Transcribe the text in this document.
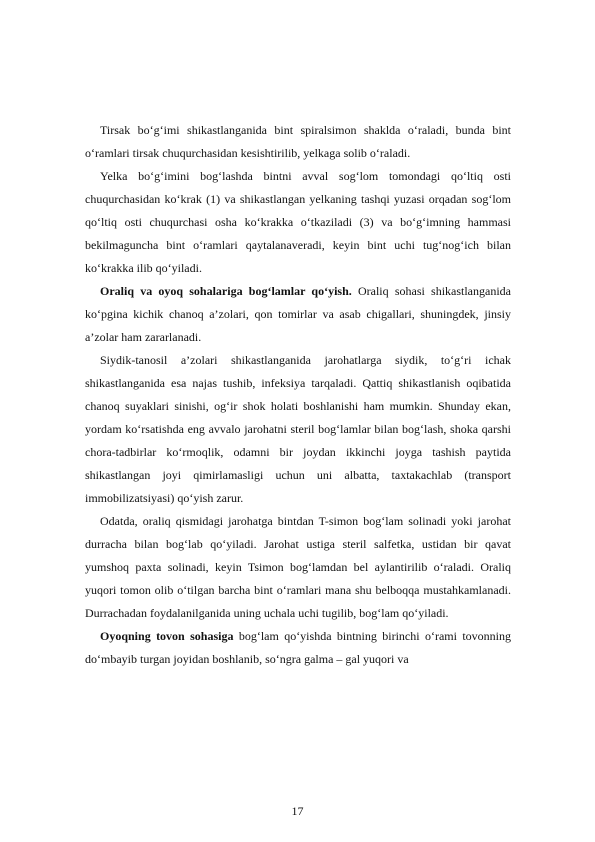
Tirsak bo‘g‘imi shikastlanganida bint spiralsimon shaklda o‘raladi, bunda bint o‘ramlari tirsak chuqurchasidan kesishtirilib, yelkaga solib o‘raladi.

Yelka bo‘g‘imini bog‘lashda bintni avval sog‘lom tomondagi qo‘ltiq osti chuqurchasidan ko‘krak (1) va shikastlangan yelkaning tashqi yuzasi orqadan sog‘lom qo‘ltiq osti chuqurchasi osha ko‘krakka o‘tkaziladi (3) va bo‘g‘imning hammasi bekilmaguncha bint o‘ramlari qaytalanaveradi, keyin bint uchi tug‘nog‘ich bilan ko‘krakka ilib qo‘yiladi.

Oraliq va oyoq sohalariga bog‘lamlar qo‘yish. Oraliq sohasi shikastlanganida ko‘pgina kichik chanoq a’zolari, qon tomirlar va asab chigallari, shuningdek, jinsiy a’zolar ham zararlanadi.

Siydik-tanosil a’zolari shikastlanganida jarohatlarga siydik, to‘g‘ri ichak shikastlanganida esa najas tushib, infeksiya tarqaladi. Qattiq shikastlanish oqibatida chanoq suyaklari sinishi, og‘ir shok holati boshlanishi ham mumkin. Shunday ekan, yordam ko‘rsatishda eng avvalo jarohatni steril bog‘lamlar bilan bog‘lash, shoka qarshi chora-tadbirlar ko‘rmoqlik, odamni bir joydan ikkinchi joyga tashish paytida shikastlangan joyi qimirlamasligi uchun uni albatta, taxtakachlab (transport immobilizatsiyasi) qo‘yish zarur.

Odatda, oraliq qismidagi jarohatga bintdan T-simon bog‘lam solinadi yoki jarohat durracha bilan bog‘lab qo‘yiladi. Jarohat ustiga steril salfetka, ustidan bir qavat yumshoq paxta solinadi, keyin Tsimon bog‘lamdan bel aylantirilib o‘raladi. Oraliq yuqori tomon olib o‘tilgan barcha bint o‘ramlari mana shu belboqqa mustahkamlanadi. Durrachadan foydalanilganida uning uchala uchi tugilib, bog‘lam qo‘yiladi.

Oyoqning tovon sohasiga bog‘lam qo‘yishda bintning birinchi o‘rami tovonning do‘mbayib turgan joyidan boshlanib, so‘ngra galma – gal yuqori va

17
